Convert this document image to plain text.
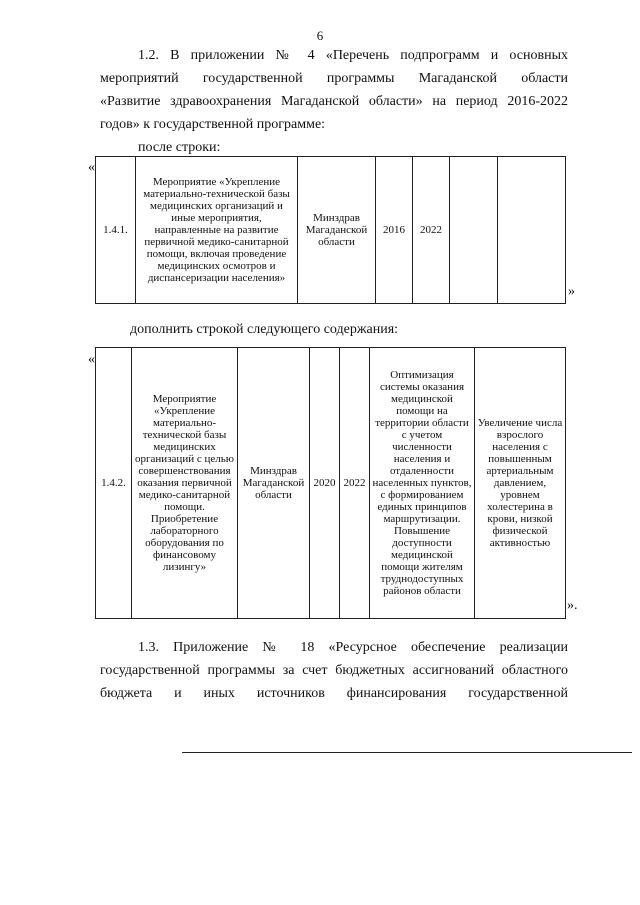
6
1.2. В приложении № 4 «Перечень подпрограмм и основных
мероприятий государственной программы Магаданской области
«Развитие здравоохранения Магаданской области» на период 2016-2022
годов» к государственной программе:
после строки:
«
1.4.1.	Мероприятие «Укрепление материально-технической базы медицинских организаций и иные мероприятия, направленные на развитие первичной медико-санитарной помощи, включая проведение медицинских осмотров и диспансеризации населения»	Минздрав Магаданской области	2016	2022		
»
дополнить строкой следующего содержания:
«
1.4.2.	Мероприятие «Укрепление материально-технической базы медицинских организаций с целью совершенствования оказания первичной медико-санитарной помощи. Приобретение лабораторного оборудования по финансовому лизингу»	Минздрав Магаданской области	2020	2022	Оптимизация системы оказания медицинской помощи на территории области с учетом численности населения и отдаленности населенных пунктов, с формированием единых принципов маршрутизации. Повышение доступности медицинской помощи жителям труднодоступных районов области	Увеличение числа взрослого населения с повышенным артериальным давлением, уровнем холестерина в крови, низкой физической активностью
».
1.3. Приложение № 18 «Ресурсное обеспечение реализации
государственной программы за счет бюджетных ассигнований областного
бюджета и иных источников финансирования государственной
